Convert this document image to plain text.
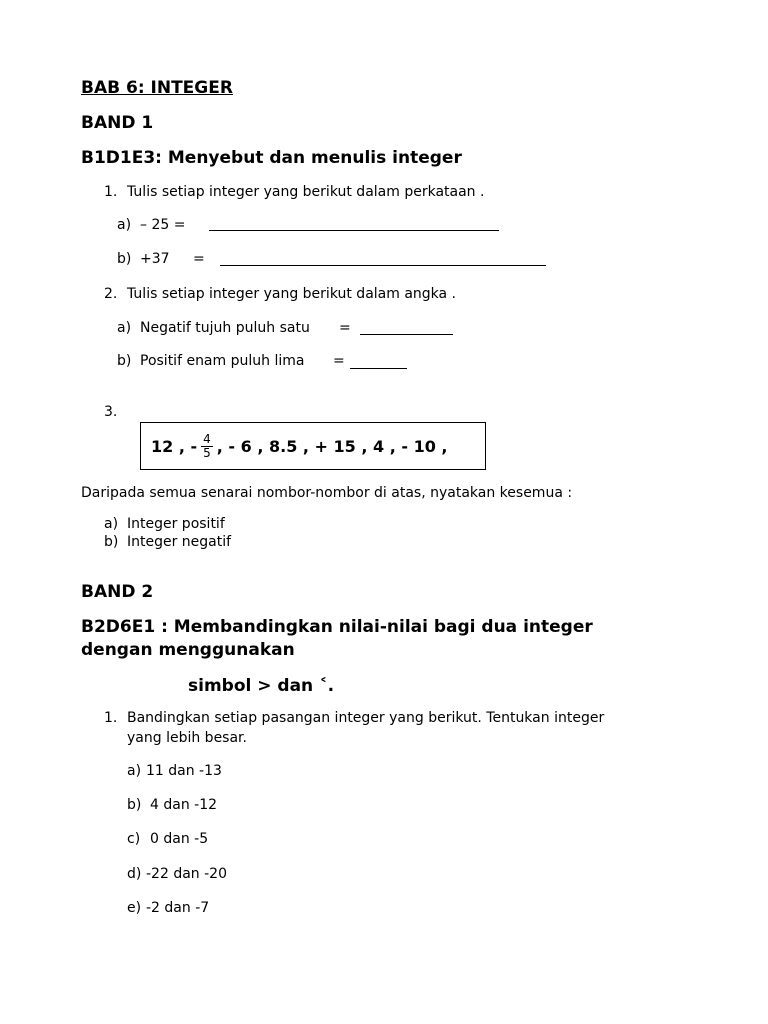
BAB 6: INTEGER
BAND 1
B1D1E3: Menyebut dan menulis integer
1. Tulis setiap integer yang berikut dalam perkataan .
a) – 25 =
b) +37 =
2. Tulis setiap integer yang berikut dalam angka .
a) Negatif tujuh puluh satu =
b) Positif enam puluh lima =
3.
12 , - $\frac{4}{5}$ , - 6 , 8.5 , + 15 , 4 , - 10 ,
Daripada semua senarai nombor-nombor di atas, nyatakan kesemua :
a) Integer positif
b) Integer negatif
BAND 2
B2D6E1 : Membandingkan nilai-nilai bagi dua integer
dengan menggunakan
simbol > dan ˂.
1. Bandingkan setiap pasangan integer yang berikut. Tentukan integer
yang lebih besar.
a) 11 dan -13
b) 4 dan -12
c) 0 dan -5
d) -22 dan -20
e) -2 dan -7
